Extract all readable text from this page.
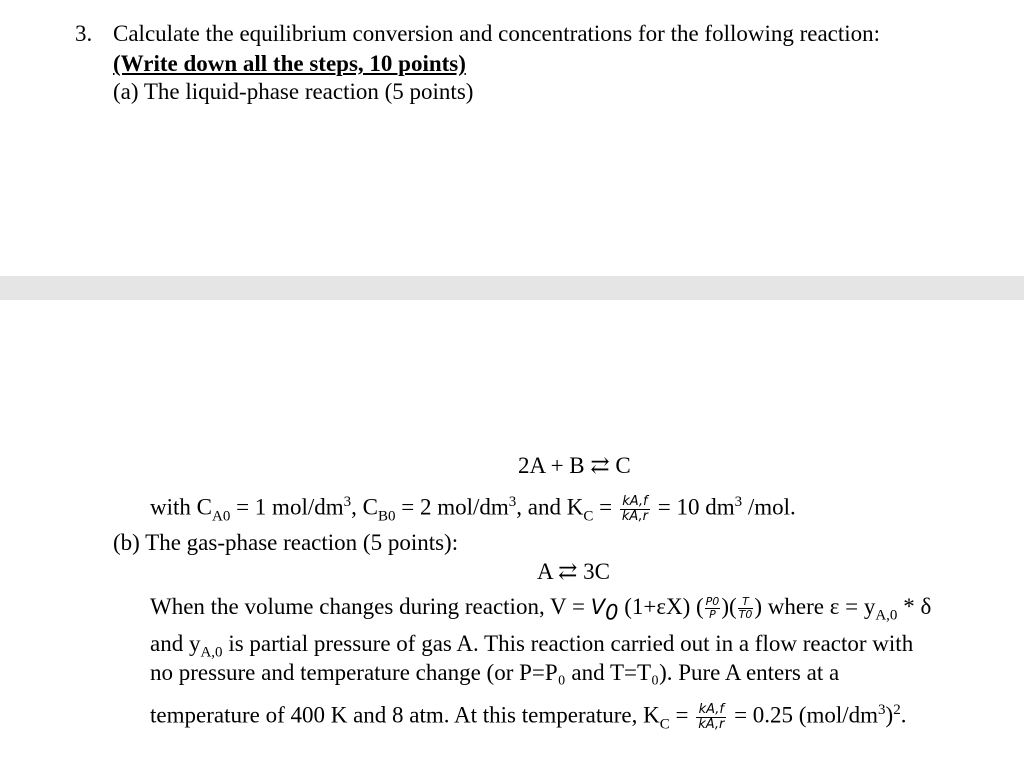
3. Calculate the equilibrium conversion and concentrations for the following reaction:
(Write down all the steps, 10 points)
(a) The liquid-phase reaction (5 points)
2A + B ⇄ C
with $C_{A0} = 1$ mol/$dm^3$, $C_{B0} = 2$ mol/$dm^3$, and $K_C = \frac{kA,f}{kA,r} = 10$ $dm^3$ /mol.
(b) The gas-phase reaction (5 points):
A ⇄ 3C
When the volume changes during reaction, $V = V_0$ (1+εX) ( $\frac{P0}{P}$ )( $\frac{T}{T0}$ ) where $\varepsilon = y_{A,0} * \delta$
and $y_{A,0}$ is partial pressure of gas A. This reaction carried out in a flow reactor with
no pressure and temperature change (or P=P₀ and T=T₀). Pure A enters at a
temperature of 400 K and 8 atm. At this temperature, $K_C = \frac{kA,f}{kA,r} = 0.25$ $(mol/dm^3)^2$.
